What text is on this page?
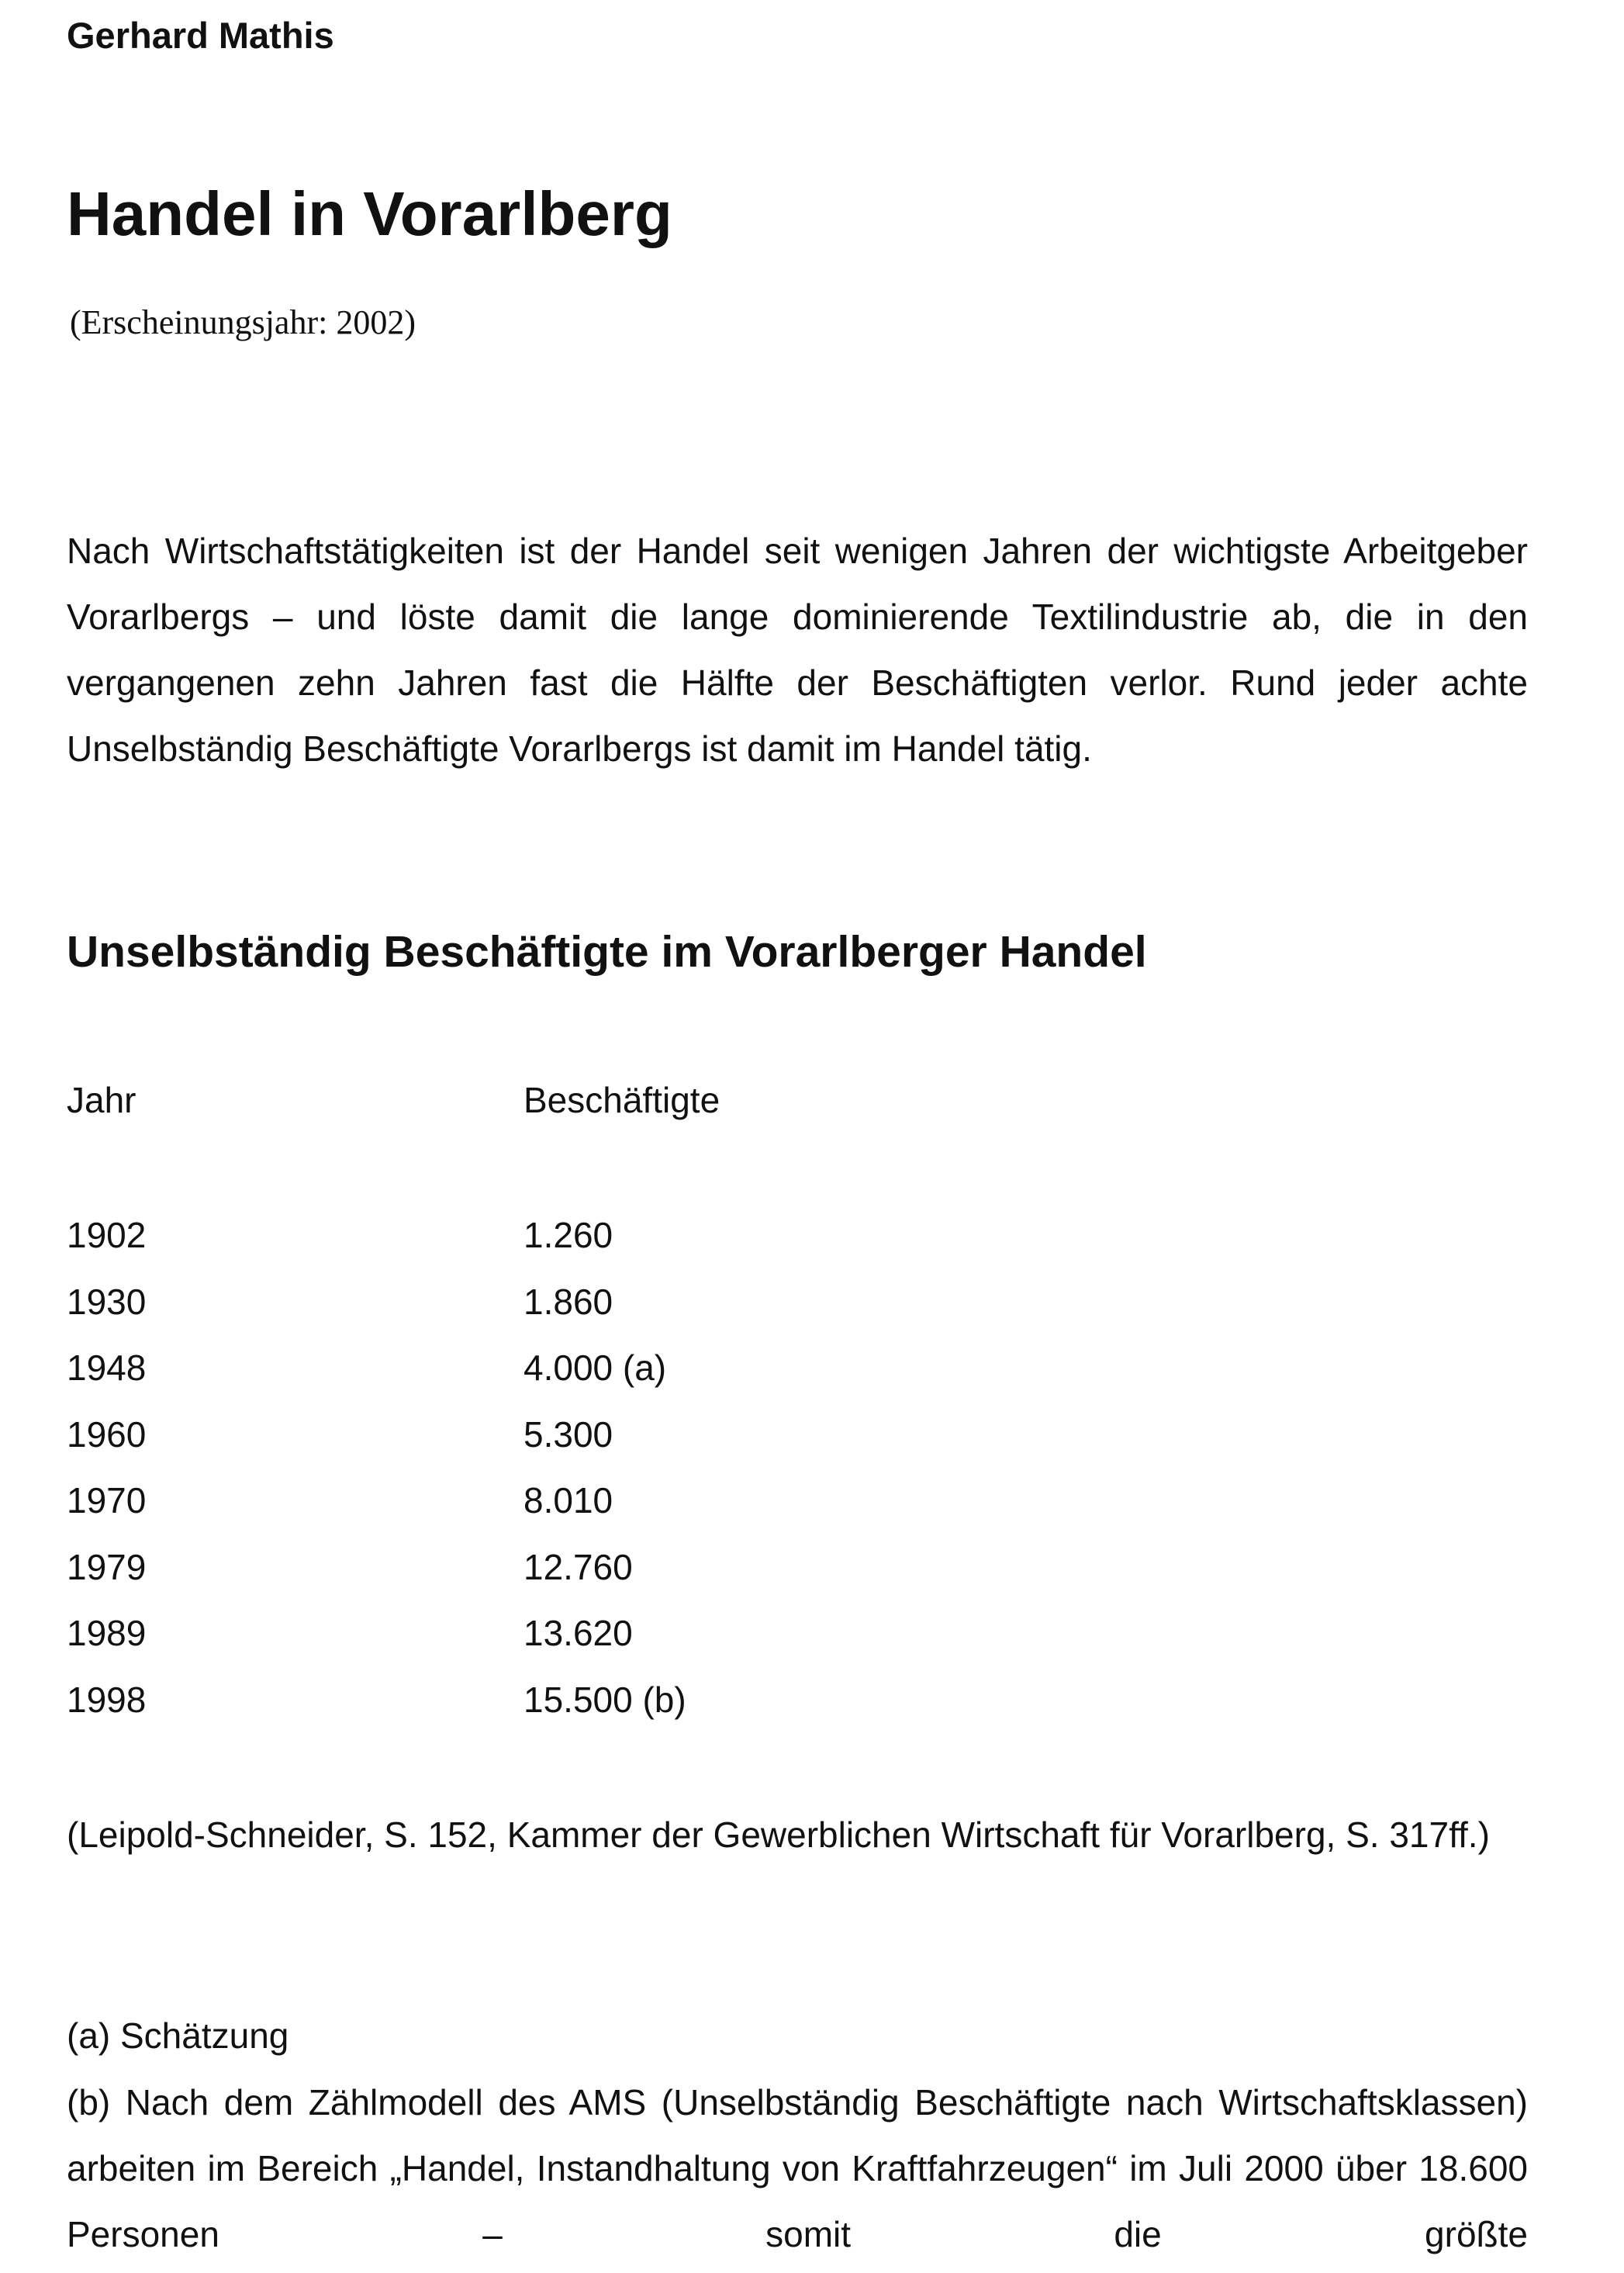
Gerhard Mathis
Handel in Vorarlberg
(Erscheinungsjahr: 2002)

Nach Wirtschaftstätigkeiten ist der Handel seit wenigen Jahren der wichtigste Arbeitgeber Vorarlbergs – und löste damit die lange dominierende Textilindustrie ab, die in den vergangenen zehn Jahren fast die Hälfte der Beschäftigten verlor. Rund jeder achte Unselbständig Beschäftigte Vorarlbergs ist damit im Handel tätig.

Unselbständig Beschäftigte im Vorarlberger Handel
Jahr	Beschäftigte
1902	1.260
1930	1.860
1948	4.000 (a)
1960	5.300
1970	8.010
1979	12.760
1989	13.620
1998	15.500 (b)

(Leipold-Schneider, S. 152, Kammer der Gewerblichen Wirtschaft für Vorarlberg, S. 317ff.)

(a) Schätzung

(b) Nach dem Zählmodell des AMS (Unselbständig Beschäftigte nach Wirtschaftsklassen) arbeiten im Bereich „Handel, Instandhaltung von Kraftfahrzeugen“ im Juli 2000 über 18.600 Personen – somit die größte
